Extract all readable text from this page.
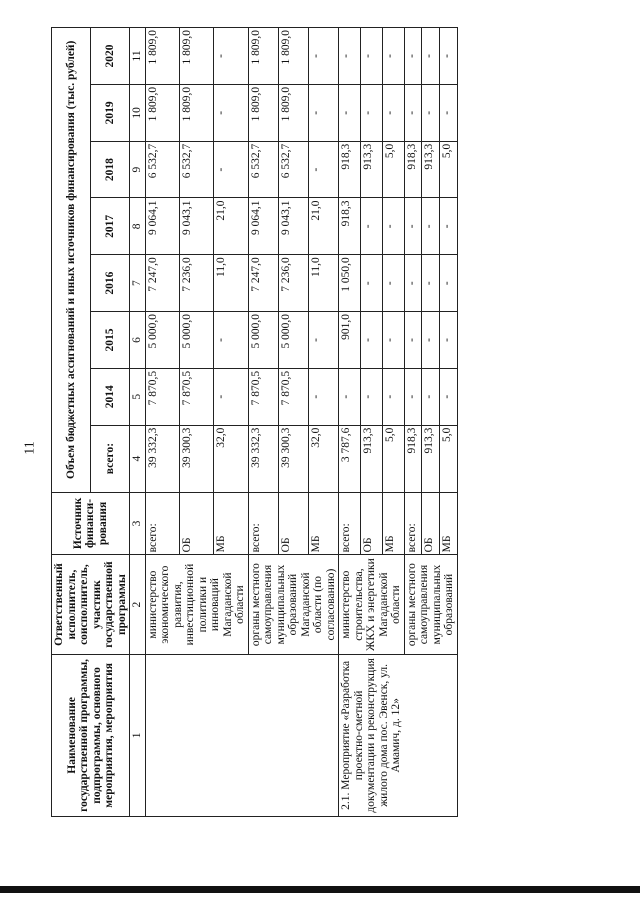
11
Наименование государственной программы, подпрограммы, основного мероприятия, мероприятия	Ответственный исполнитель, соисполнитель, участник государственной программы	Источник финанси-рования	Объем бюджетных ассигнований и иных источников финансирования (тыс. рублей)							
			всего:	2014	2015	2016	2017	2018	2019	2020
1	2	3	4	5	6	7	8	9	10	11
	министерство экономического развития, инвестиционной политики и инноваций Магаданской области	всего:	39 332,3	7 870,5	5 000,0	7 247,0	9 064,1	6 532,7	1 809,0	1 809,0
		ОБ	39 300,3	7 870,5	5 000,0	7 236,0	9 043,1	6 532,7	1 809,0	1 809,0
		МБ	32,0	-	-	11,0	21,0	-	-	-
	органы местного самоуправления муниципальных образований Магаданской области (по согласованию)	всего:	39 332,3	7 870,5	5 000,0	7 247,0	9 064,1	6 532,7	1 809,0	1 809,0
		ОБ	39 300,3	7 870,5	5 000,0	7 236,0	9 043,1	6 532,7	1 809,0	1 809,0
		МБ	32,0	-	-	11,0	21,0	-	-	-
2.1. Мероприятие «Разработка проектно-сметной документации и реконструкция жилого дома пос. Эвенск, ул. Амамич, д. 12»	министерство строительства, ЖКХ и энергетики Магаданской области	всего:	3 787,6	-	901,0	1 050,0	918,3	918,3	-	-
		ОБ	913,3	-	-	-	-	913,3	-	-
		МБ	5,0	-	-	-	-	5,0	-	-
	органы местного самоуправления муниципальных образований	всего:	918,3	-	-	-	-	918,3	-	-
		ОБ	913,3	-	-	-	-	913,3	-	-
		МБ	5,0	-	-	-	-	5,0	-	-
